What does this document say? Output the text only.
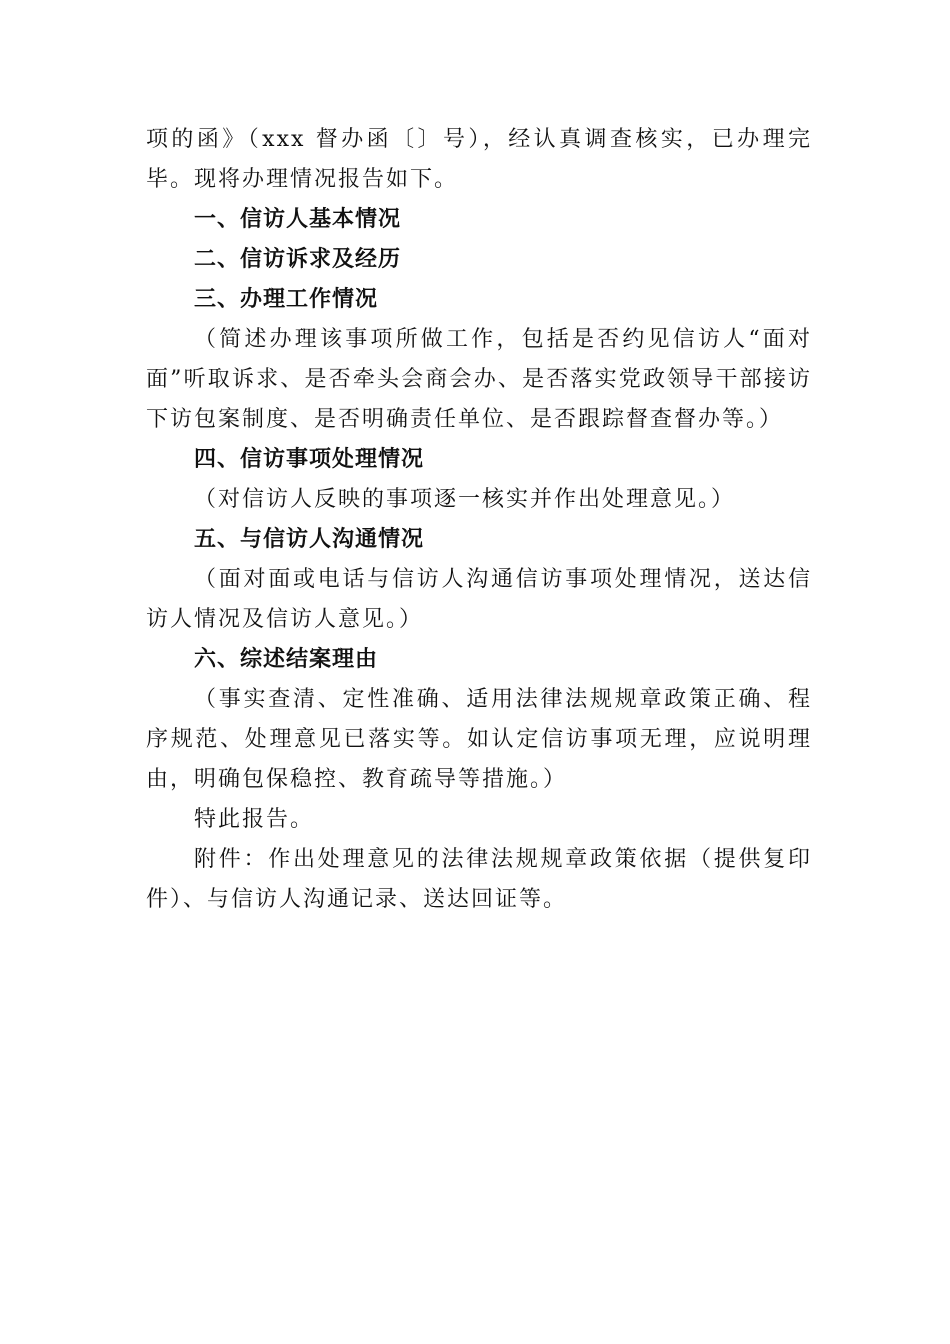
项的函》（xxx 督办函〔〕号），经认真调查核实，已办理完毕。现将办理情况报告如下。

一、信访人基本情况

二、信访诉求及经历

三、办理工作情况

（简述办理该事项所做工作，包括是否约见信访人“面对面”听取诉求、是否牵头会商会办、是否落实党政领导干部接访下访包案制度、是否明确责任单位、是否跟踪督查督办等。）

四、信访事项处理情况

（对信访人反映的事项逐一核实并作出处理意见。）

五、与信访人沟通情况

（面对面或电话与信访人沟通信访事项处理情况，送达信访人情况及信访人意见。）

六、综述结案理由

（事实查清、定性准确、适用法律法规规章政策正确、程序规范、处理意见已落实等。如认定信访事项无理，应说明理由，明确包保稳控、教育疏导等措施。）

特此报告。

附件：作出处理意见的法律法规规章政策依据（提供复印件）、与信访人沟通记录、送达回证等。
